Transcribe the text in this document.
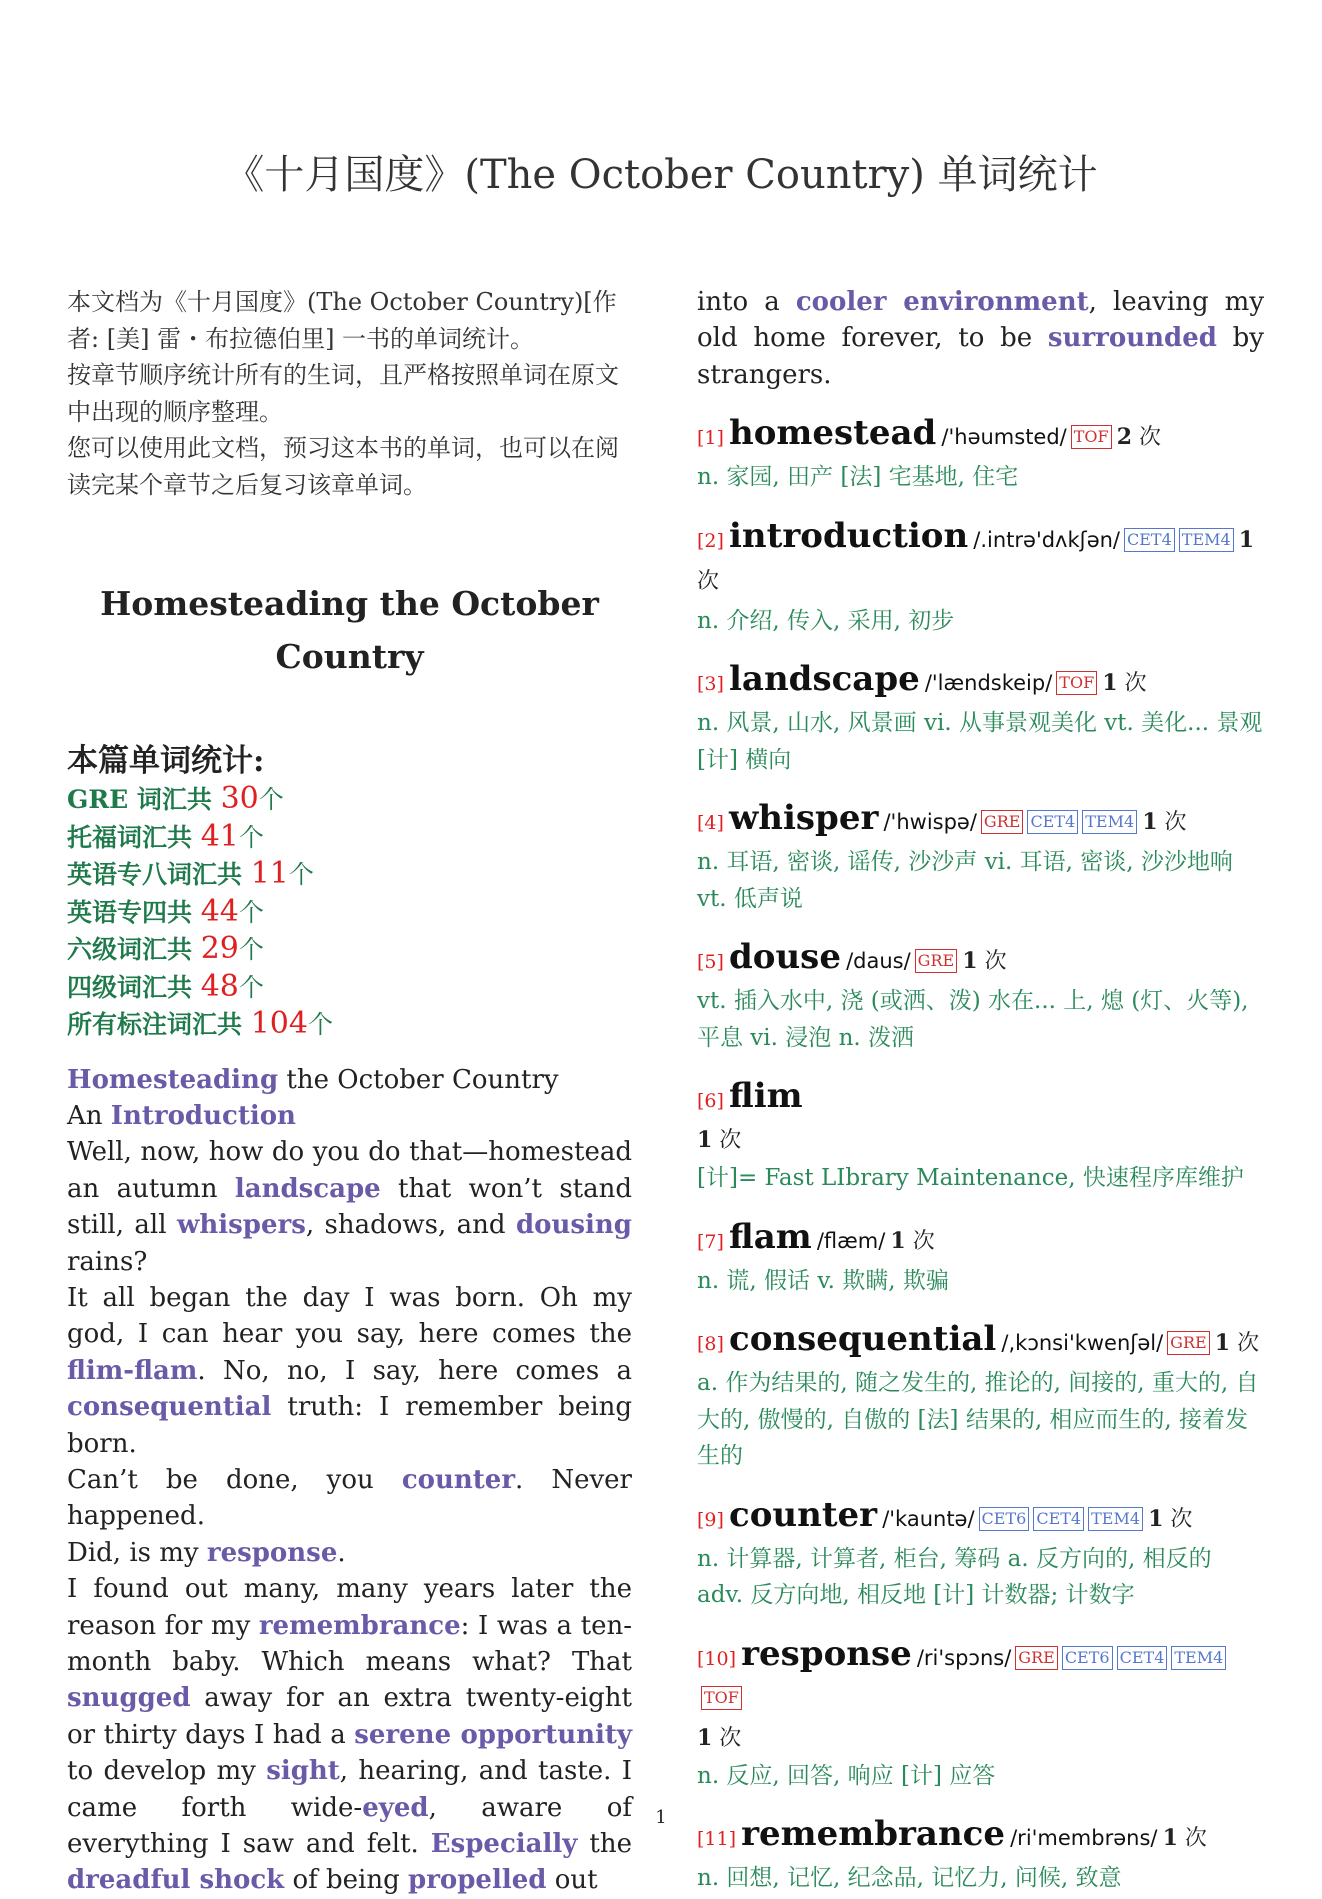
《十月国度》(The October Country) 单词统计

本文档为《十月国度》(The October Country)[作者: [美] 雷・布拉德伯里] 一书的单词统计。

按章节顺序统计所有的生词，且严格按照单词在原文中出现的顺序整理。

您可以使用此文档，预习这本书的单词，也可以在阅读完某个章节之后复习该章单词。

Homesteading the October Country
本篇单词统计:
GRE 词汇共 30个
托福词汇共 41个
英语专八词汇共 11个
英语专四共 44个
六级词汇共 29个
四级词汇共 48个
所有标注词汇共 104个

Homesteading the October Country

An Introduction

Well, now, how do you do that—homestead an autumn landscape that won’t stand still, all whispers, shadows, and dousing rains?

It all began the day I was born. Oh my god, I can hear you say, here comes the flim-flam. No, no, I say, here comes a consequential truth: I remember being born.

Can’t be done, you counter. Never happened.

Did, is my response.

I found out many, many years later the reason for my remembrance: I was a ten-month baby. Which means what? That snugged away for an extra twenty-eight or thirty days I had a serene opportunity to develop my sight, hearing, and taste. I came forth wide-eyed, aware of everything I saw and felt. Especially the dreadful shock of being propelled out

into a cooler environment, leaving my old home forever, to be surrounded by strangers.
[1] homestead /'həumsted/ TOF 2 次
n. 家园, 田产 [法] 宅基地, 住宅
[2] introduction /.intrə'dʌkʃən/ CET4 TEM4 1 次
n. 介绍, 传入, 采用, 初步
[3] landscape /'lændskeip/ TOF 1 次
n. 风景, 山水, 风景画 vi. 从事景观美化 vt. 美化... 景观 [计] 横向
[4] whisper /'hwispə/ GRE CET4 TEM4 1 次
n. 耳语, 密谈, 谣传, 沙沙声 vi. 耳语, 密谈, 沙沙地响 vt. 低声说
[5] douse /daus/ GRE 1 次
vt. 插入水中, 浇 (或洒、泼) 水在... 上, 熄 (灯、火等), 平息 vi. 浸泡 n. 泼洒
[6] flim
1 次
[计]= Fast LIbrary Maintenance, 快速程序库维护
[7] flam /flæm/ 1 次
n. 谎, 假话 v. 欺瞒, 欺骗
[8] consequential /,kɔnsi'kwenʃəl/ GRE 1 次
a. 作为结果的, 随之发生的, 推论的, 间接的, 重大的, 自大的, 傲慢的, 自傲的 [法] 结果的, 相应而生的, 接着发生的
[9] counter /'kauntə/ CET6 CET4 TEM4 1 次
n. 计算器, 计算者, 柜台, 筹码 a. 反方向的, 相反的 adv. 反方向地, 相反地 [计] 计数器; 计数字
[10] response /ri'spɔns/ GRE CET6 CET4 TEM4TOF
1 次
n. 反应, 回答, 响应 [计] 应答
[11] remembrance /ri'membrəns/ 1 次
n. 回想, 记忆, 纪念品, 记忆力, 问候, 致意
1
